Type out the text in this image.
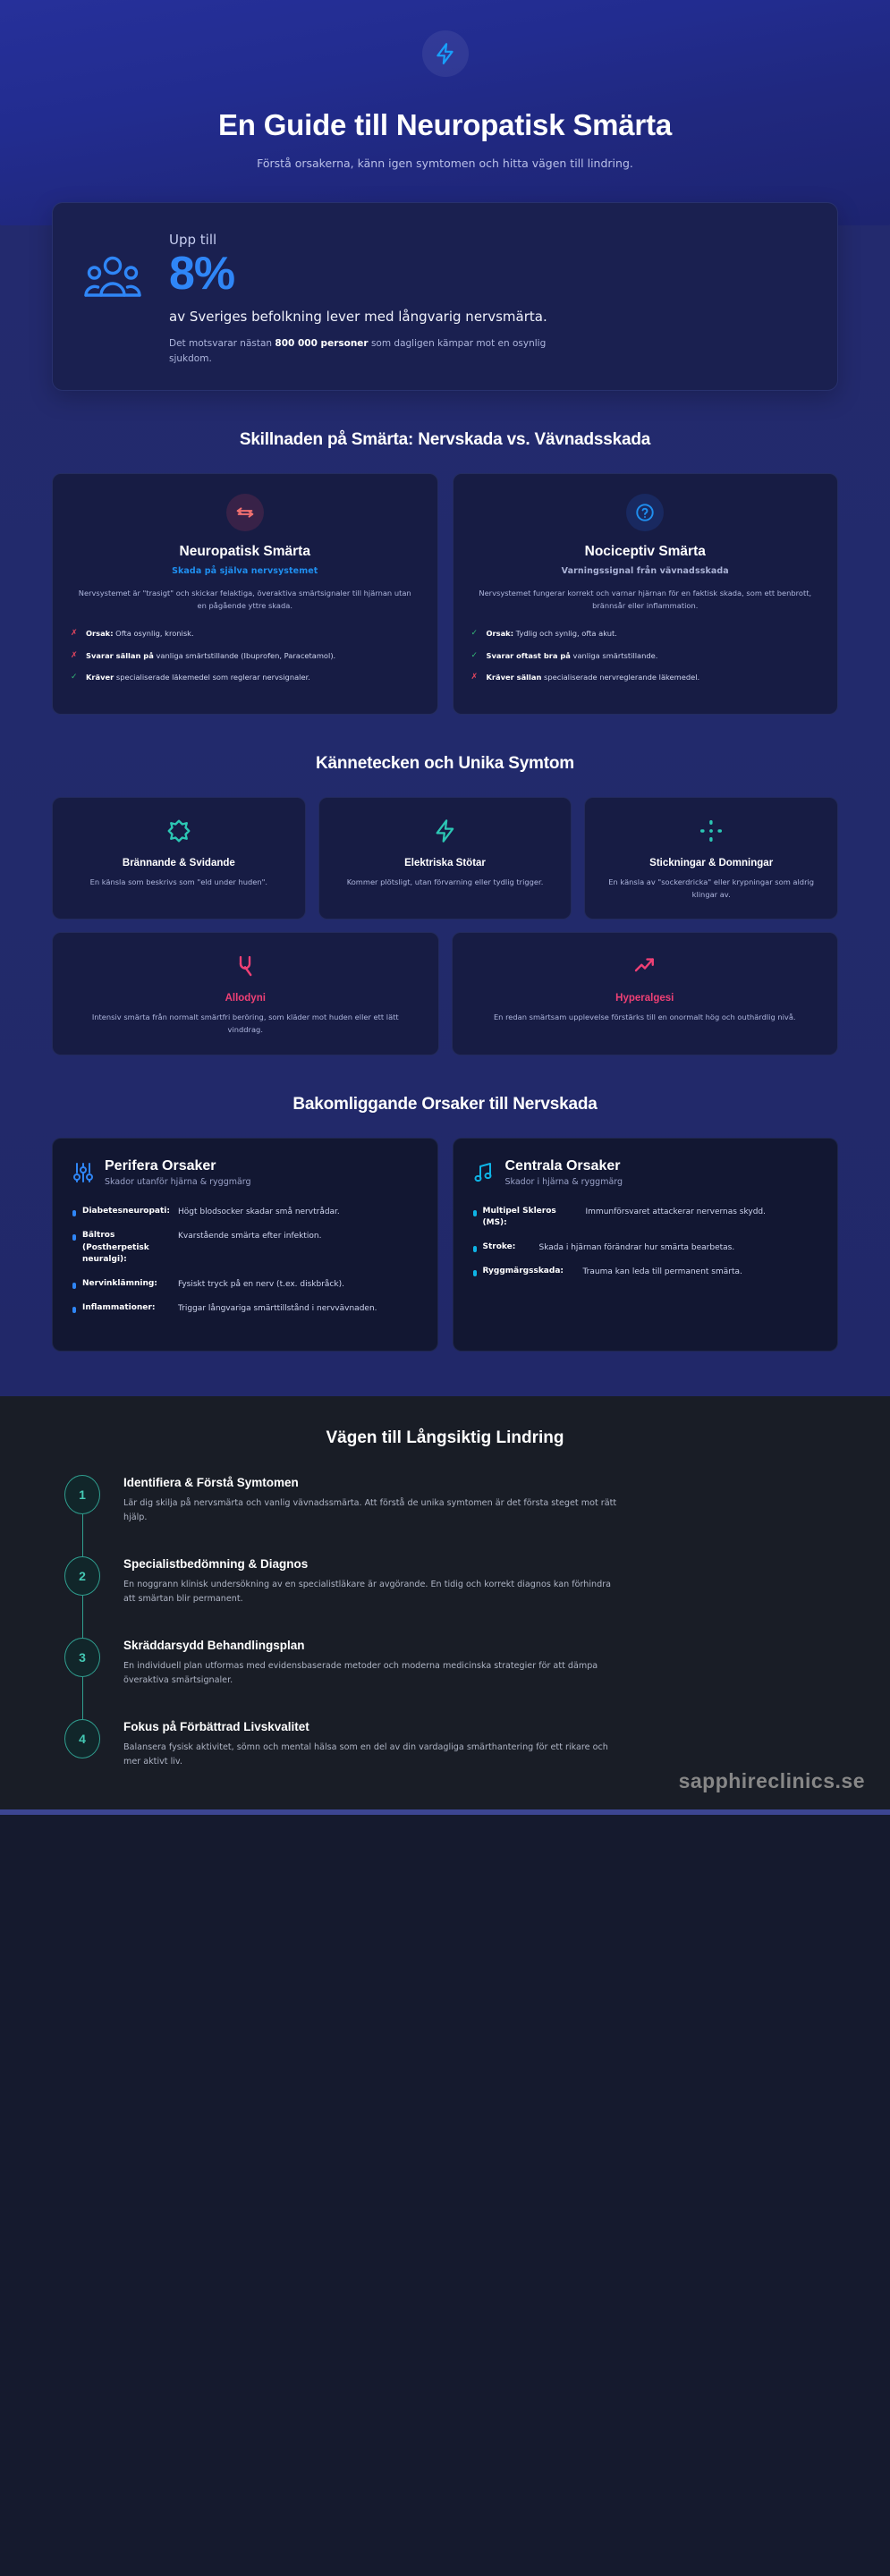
En Guide till Neuropatisk Smärta
Förstå orsakerna, känn igen symtomen och hitta vägen till lindring.
Upp till
8%
av Sveriges befolkning lever med långvarig nervsmärta.
Det motsvarar nästan 800 000 personer som dagligen kämpar mot en osynlig sjukdom.
Skillnaden på Smärta: Nervskada vs. Vävnadsskada
Neuropatisk Smärta
Skada på själva nervsystemet
Nervsystemet är "trasigt" och skickar felaktiga, överaktiva smärtsignaler till hjärnan utan en pågående yttre skada.
✗ Orsak: Ofta osynlig, kronisk.
✗ Svarar sällan på vanliga smärtstillande (Ibuprofen, Paracetamol).
✓ Kräver specialiserade läkemedel som reglerar nervsignaler.
Nociceptiv Smärta
Varningssignal från vävnadsskada
Nervsystemet fungerar korrekt och varnar hjärnan för en faktisk skada, som ett benbrott, brännsår eller inflammation.
✓ Orsak: Tydlig och synlig, ofta akut.
✓ Svarar oftast bra på vanliga smärtstillande.
✗ Kräver sällan specialiserade nervreglerande läkemedel.
Kännetecken och Unika Symtom
Brännande & Svidande
En känsla som beskrivs som "eld under huden".
Elektriska Stötar
Kommer plötsligt, utan förvarning eller tydlig trigger.
Stickningar & Domningar
En känsla av "sockerdricka" eller krypningar som aldrig klingar av.
Allodyni
Intensiv smärta från normalt smärtfri beröring, som kläder mot huden eller ett lätt vinddrag.
Hyperalgesi
En redan smärtsam upplevelse förstärks till en onormalt hög och outhärdlig nivå.
Bakomliggande Orsaker till Nervskada
Perifera Orsaker
Skador utanför hjärna & ryggmärg
Diabetesneuropati: Högt blodsocker skadar små nervtrådar.
Bältros (Postherpetisk neuralgi):
Kvarstående smärta efter infektion.
Nervinklämning:	Fysiskt tryck på en nerv (t.ex. diskbråck).
Inflammationer:	Triggar långvariga smärttillstånd i nervvävnaden.
Centrala Orsaker
Skador i hjärna & ryggmärg
Multipel Skleros (MS):
Immunförsvaret attackerar nervernas skydd.
Stroke:	Skada i hjärnan förändrar hur smärta bearbetas.
Ryggmärgsskada:	Trauma kan leda till permanent smärta.
Vägen till Långsiktig Lindring
1
Identifiera & Förstå Symtomen
Lär dig skilja på nervsmärta och vanlig vävnadssmärta. Att förstå de unika symtomen är det första steget mot rätt hjälp.
2
Specialistbedömning & Diagnos
En noggrann klinisk undersökning av en specialistläkare är avgörande. En tidig och korrekt diagnos kan förhindra att smärtan blir permanent.
3
Skräddarsydd Behandlingsplan
En individuell plan utformas med evidensbaserade metoder och moderna medicinska strategier för att dämpa överaktiva smärtsignaler.
4
Fokus på Förbättrad Livskvalitet
Balansera fysisk aktivitet, sömn och mental hälsa som en del av din vardagliga smärthantering för ett rikare och mer aktivt liv.
sapphireclinics.se
